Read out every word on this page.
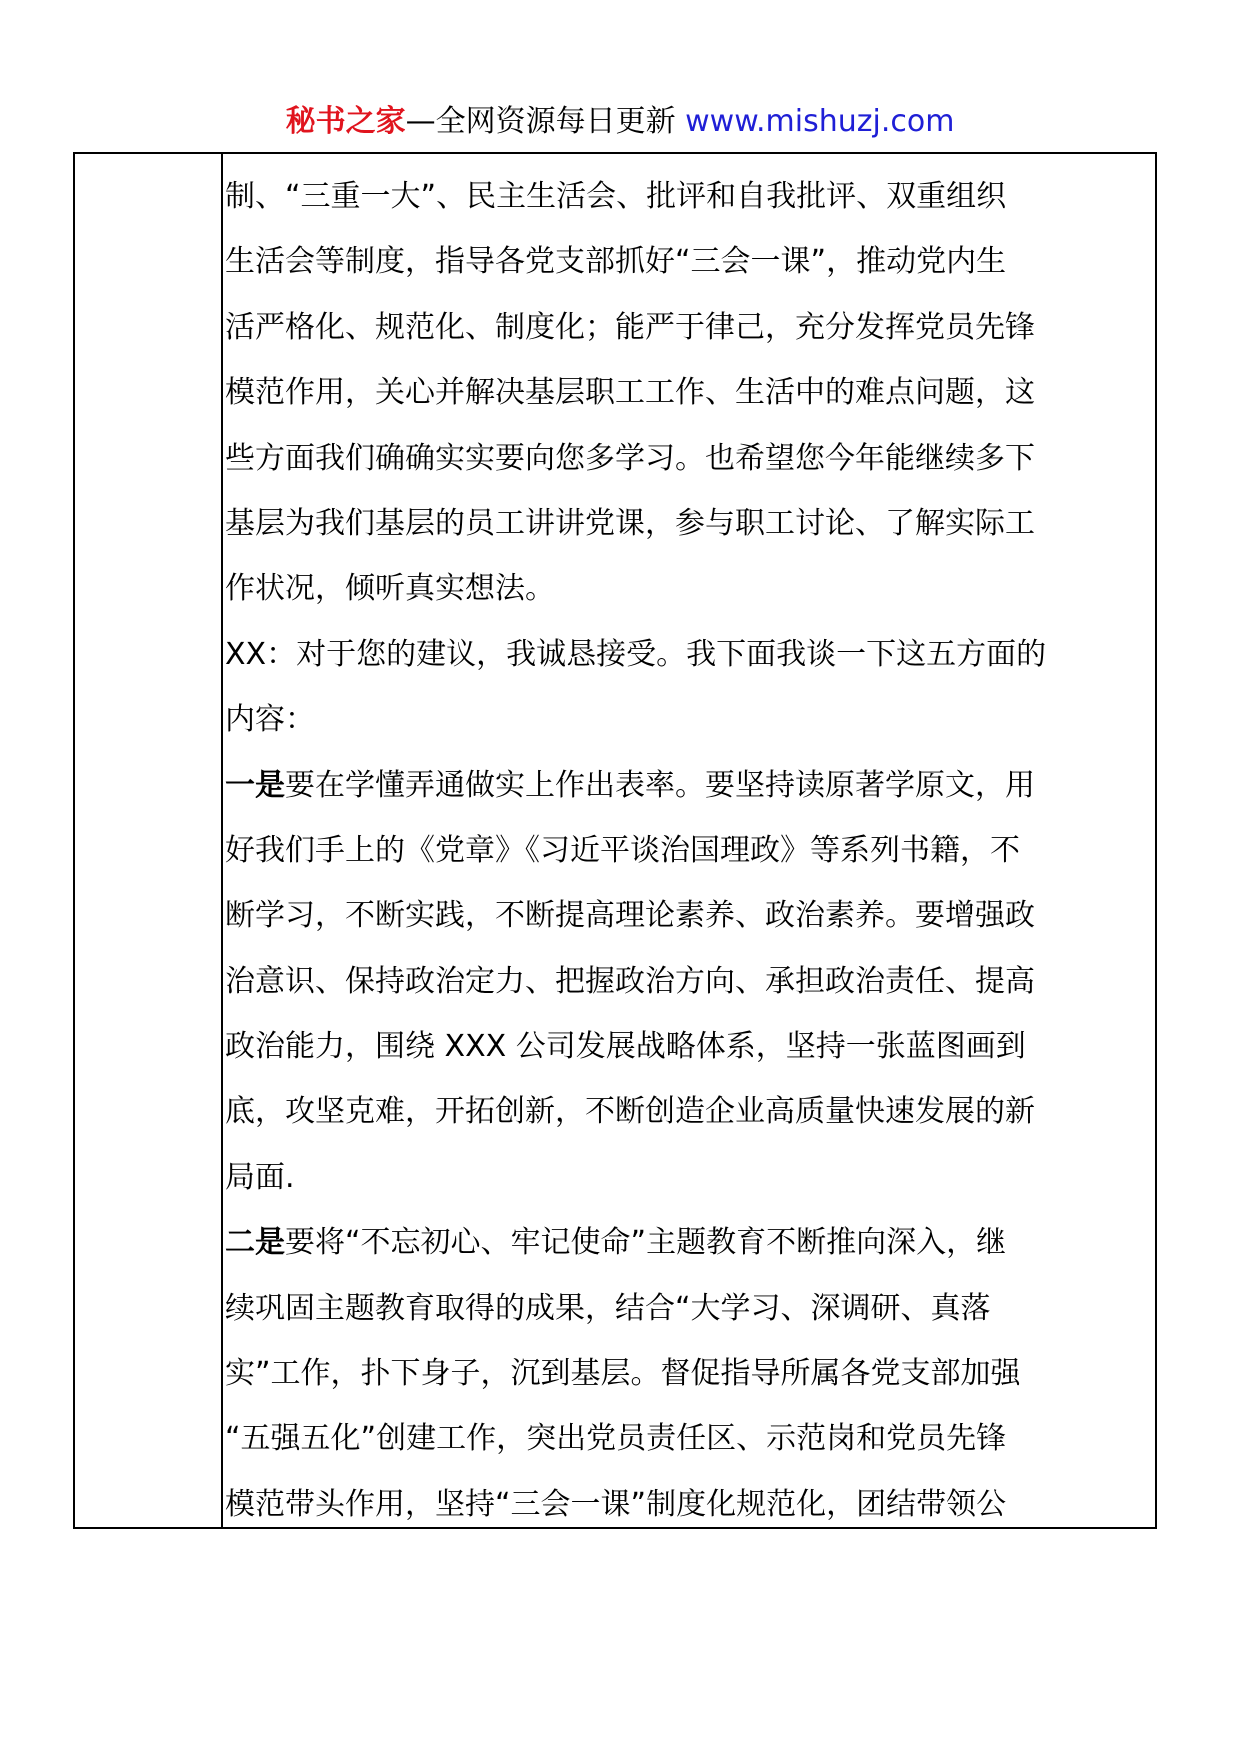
秘书之家—全网资源每日更新 www.mishuzj.com
制、“三重一大”、民主生活会、批评和自我批评、双重组织
生活会等制度，指导各党支部抓好“三会一课”，推动党内生
活严格化、规范化、制度化；能严于律己，充分发挥党员先锋
模范作用，关心并解决基层职工工作、生活中的难点问题，这
些方面我们确确实实要向您多学习。也希望您今年能继续多下
基层为我们基层的员工讲讲党课，参与职工讨论、了解实际工
作状况，倾听真实想法。
XX：对于您的建议，我诚恳接受。我下面我谈一下这五方面的
内容：
一是要在学懂弄通做实上作出表率。要坚持读原著学原文，用
好我们手上的《党章》《习近平谈治国理政》等系列书籍，不
断学习，不断实践，不断提高理论素养、政治素养。要增强政
治意识、保持政治定力、把握政治方向、承担政治责任、提高
政治能力，围绕 XXX 公司发展战略体系，坚持一张蓝图画到
底，攻坚克难，开拓创新，不断创造企业高质量快速发展的新
局面.
二是要将“不忘初心、牢记使命”主题教育不断推向深入，继
续巩固主题教育取得的成果，结合“大学习、深调研、真落
实”工作，扑下身子，沉到基层。督促指导所属各党支部加强
“五强五化”创建工作，突出党员责任区、示范岗和党员先锋
模范带头作用，坚持“三会一课”制度化规范化，团结带领公
